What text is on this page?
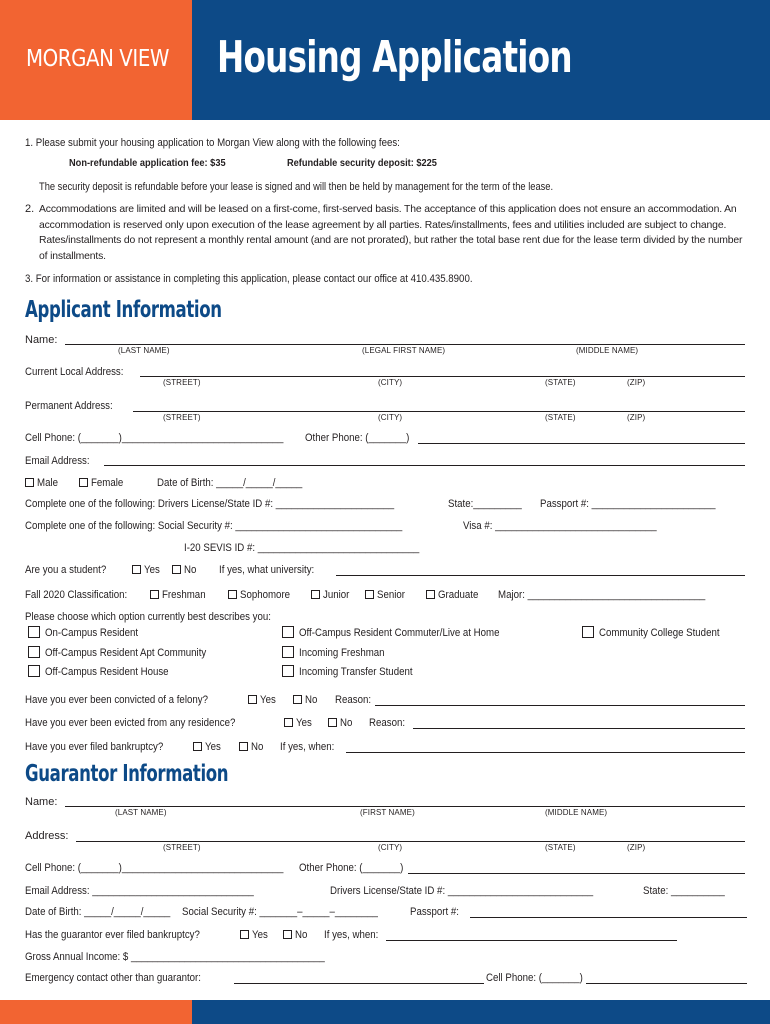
MORGAN VIEW Housing Application
1. Please submit your housing application to Morgan View along with the following fees:
Non-refundable application fee: $35	Refundable security deposit: $225
The security deposit is refundable before your lease is signed and will then be held by management for the term of the lease.
2. Accommodations are limited and will be leased on a first-come, first-served basis. The acceptance of this application does not ensure an accommodation. An accommodation is reserved only upon execution of the lease agreement by all parties. Rates/installments, fees and utilities included are subject to change. Rates/installments do not represent a monthly rental amount (and are not prorated), but rather the total base rent due for the lease term divided by the number of installments.
3. For information or assistance in completing this application, please contact our office at 410.435.8900.
Applicant Information
Name:
(LAST NAME)	(LEGAL FIRST NAME)	(MIDDLE NAME)
Current Local Address:
(STREET)	(CITY)	(STATE)	(ZIP)
Permanent Address:
(STREET)	(CITY)	(STATE)	(ZIP)
Cell Phone: (_______)______________________________	Other Phone: (_______)
Email Address:
Male	Female	Date of Birth: _____/_____/_____
Complete one of the following: Drivers License/State ID #: ______________________	State:_________	Passport #: _______________________
Complete one of the following: Social Security #: _______________________________	Visa #: ______________________________
I-20 SEVIS ID #: ______________________________
Are you a student?	Yes	No If yes, what university:
Fall 2020 Classification:	Freshman	Sophomore	Junior	Senior	Graduate	Major: _________________________________
Please choose which option currently best describes you:
On-Campus Resident	Off-Campus Resident Commuter/Live at Home	Community College Student
Off-Campus Resident Apt Community	Incoming Freshman
Off-Campus Resident House	Incoming Transfer Student
Have you ever been convicted of a felony?	Yes	No Reason:
Have you ever been evicted from any residence?	Yes	No Reason:
Have you ever filed bankruptcy?	Yes	No If yes, when:
Guarantor Information
Name:
(LAST NAME)	(FIRST NAME)	(MIDDLE NAME)
Address:
(STREET)	(CITY)	(STATE)	(ZIP)
Cell Phone: (_______)______________________________	Other Phone: (_______)
Email Address: ______________________________	Drivers License/State ID #: ___________________________	State: __________
Date of Birth: _____/_____/_____	Social Security #: _______–_____–________	Passport #:
Has the guarantor ever filed bankruptcy?	Yes	No If yes, when:
Gross Annual Income: $ ____________________________________
Emergency contact other than guarantor:	Cell Phone: (_______)
